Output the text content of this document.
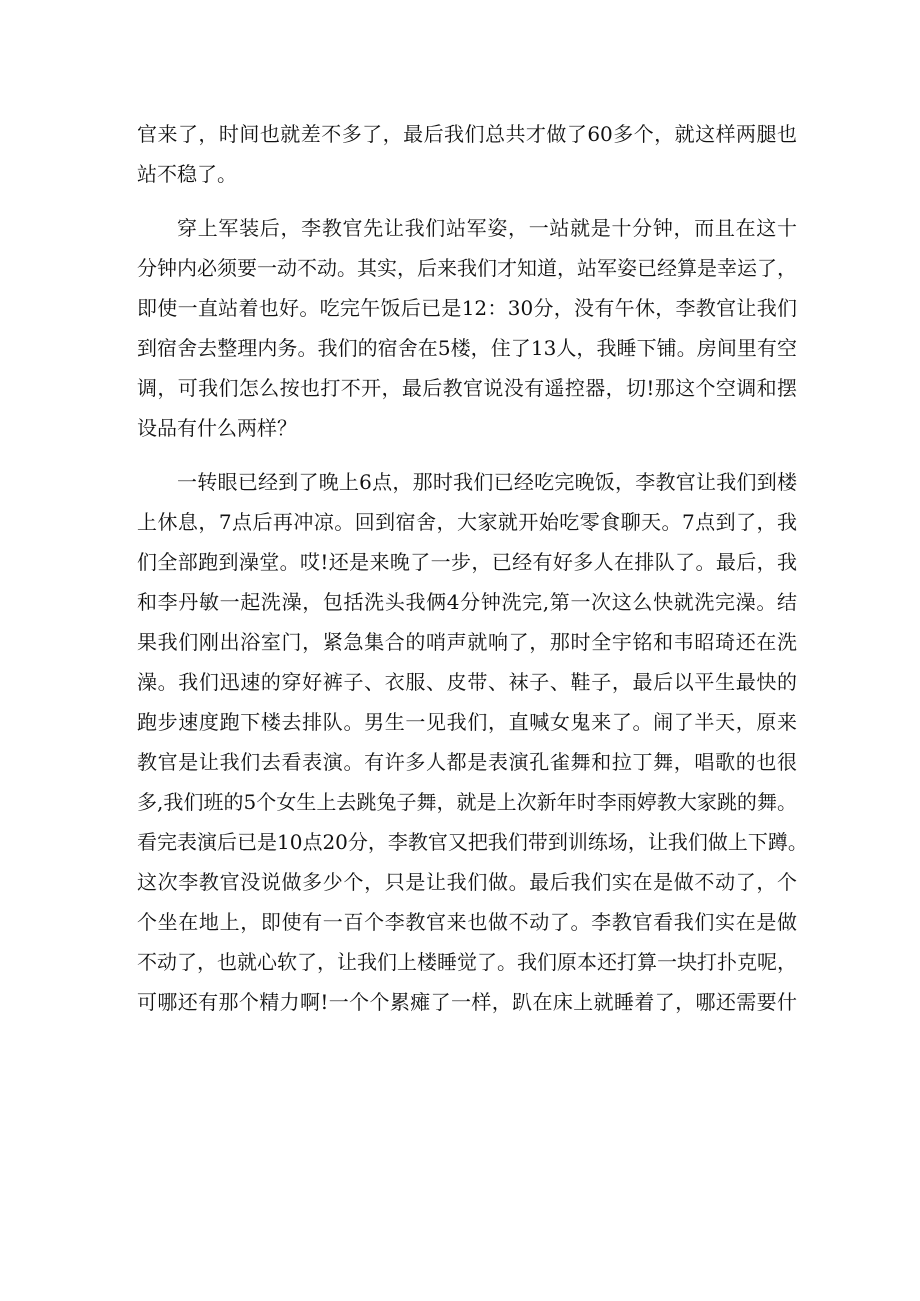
官来了，时间也就差不多了，最后我们总共才做了60多个，就这样两腿也
站不稳了。
穿上军装后，李教官先让我们站军姿，一站就是十分钟，而且在这十
分钟内必须要一动不动。其实，后来我们才知道，站军姿已经算是幸运了，
即使一直站着也好。吃完午饭后已是12：30分，没有午休，李教官让我们
到宿舍去整理内务。我们的宿舍在5楼，住了13人，我睡下铺。房间里有空
调，可我们怎么按也打不开，最后教官说没有遥控器，切!那这个空调和摆
设品有什么两样？
一转眼已经到了晚上6点，那时我们已经吃完晚饭，李教官让我们到楼
上休息，7点后再冲凉。回到宿舍，大家就开始吃零食聊天。7点到了，我
们全部跑到澡堂。哎!还是来晚了一步，已经有好多人在排队了。最后，我
和李丹敏一起洗澡，包括洗头我俩4分钟洗完,第一次这么快就洗完澡。结
果我们刚出浴室门，紧急集合的哨声就响了，那时全宇铭和韦昭琦还在洗
澡。我们迅速的穿好裤子、衣服、皮带、袜子、鞋子，最后以平生最快的
跑步速度跑下楼去排队。男生一见我们，直喊女鬼来了。闹了半天，原来
教官是让我们去看表演。有许多人都是表演孔雀舞和拉丁舞，唱歌的也很
多,我们班的5个女生上去跳兔子舞，就是上次新年时李雨婷教大家跳的舞。
看完表演后已是10点20分，李教官又把我们带到训练场，让我们做上下蹲。
这次李教官没说做多少个，只是让我们做。最后我们实在是做不动了，个
个坐在地上，即使有一百个李教官来也做不动了。李教官看我们实在是做
不动了，也就心软了，让我们上楼睡觉了。我们原本还打算一块打扑克呢，
可哪还有那个精力啊!一个个累瘫了一样，趴在床上就睡着了，哪还需要什
